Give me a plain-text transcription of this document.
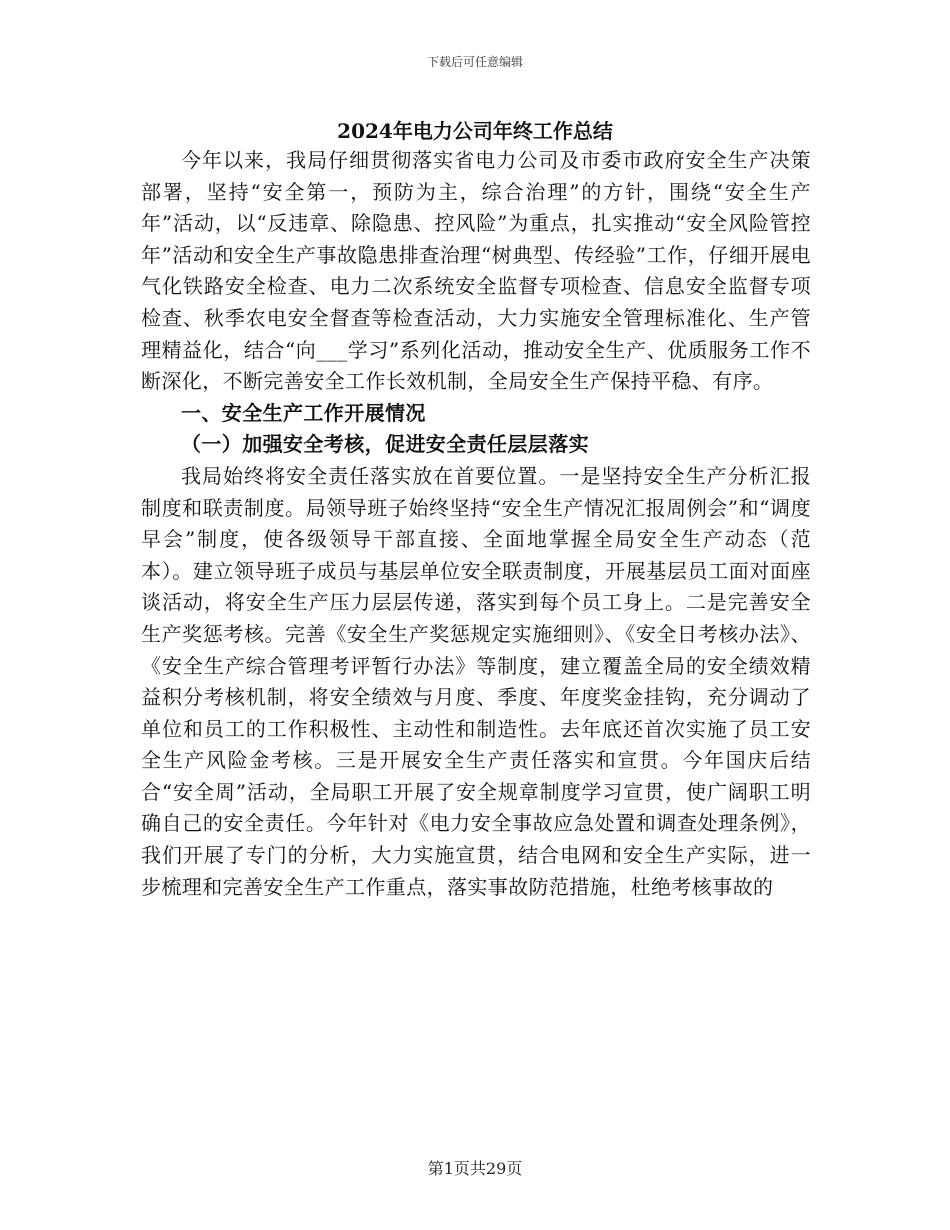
下载后可任意编辑
2024年电力公司年终工作总结

今年以来，我局仔细贯彻落实省电力公司及市委市政府安全生产决策部署，坚持“安全第一，预防为主，综合治理”的方针，围绕“安全生产年”活动，以“反违章、除隐患、控风险”为重点，扎实推动“安全风险管控年”活动和安全生产事故隐患排查治理“树典型、传经验”工作，仔细开展电气化铁路安全检查、电力二次系统安全监督专项检查、信息安全监督专项检查、秋季农电安全督查等检查活动，大力实施安全管理标准化、生产管理精益化，结合“向___学习”系列化活动，推动安全生产、优质服务工作不断深化，不断完善安全工作长效机制，全局安全生产保持平稳、有序。

一、安全生产工作开展情况

（一）加强安全考核，促进安全责任层层落实

我局始终将安全责任落实放在首要位置。一是坚持安全生产分析汇报制度和联责制度。局领导班子始终坚持“安全生产情况汇报周例会”和“调度早会”制度，使各级领导干部直接、全面地掌握全局安全生产动态（范本）。建立领导班子成员与基层单位安全联责制度，开展基层员工面对面座谈活动，将安全生产压力层层传递，落实到每个员工身上。二是完善安全生产奖惩考核。完善《安全生产奖惩规定实施细则》、《安全日考核办法》、《安全生产综合管理考评暂行办法》等制度，建立覆盖全局的安全绩效精益积分考核机制，将安全绩效与月度、季度、年度奖金挂钩，充分调动了单位和员工的工作积极性、主动性和制造性。去年底还首次实施了员工安全生产风险金考核。三是开展安全生产责任落实和宣贯。今年国庆后结合“安全周”活动，全局职工开展了安全规章制度学习宣贯，使广阔职工明确自己的安全责任。今年针对《电力安全事故应急处置和调查处理条例》，我们开展了专门的分析，大力实施宣贯，结合电网和安全生产实际，进一步梳理和完善安全生产工作重点，落实事故防范措施，杜绝考核事故的

第1页共29页
